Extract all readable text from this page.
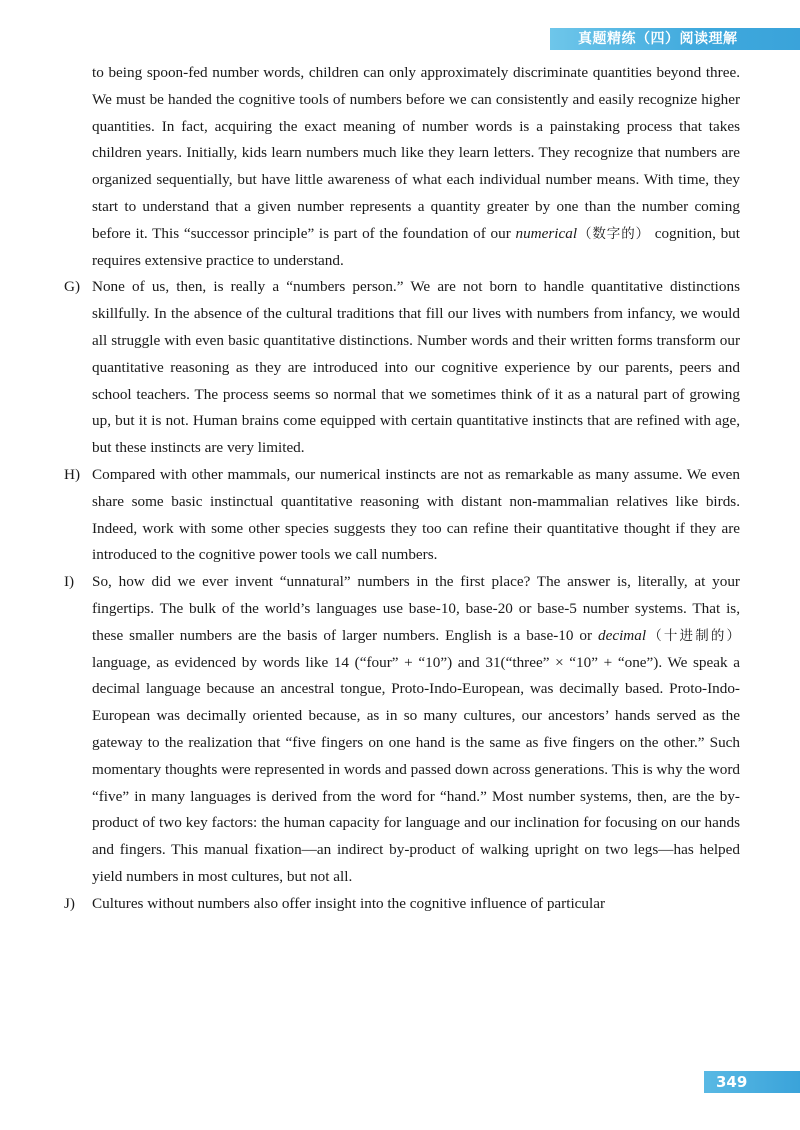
真题精练（四）阅读理解

to being spoon-fed number words, children can only approximately discriminate quantities beyond three. We must be handed the cognitive tools of numbers before we can consistently and easily recognize higher quantities. In fact, acquiring the exact meaning of number words is a painstaking process that takes children years. Initially, kids learn numbers much like they learn letters. They recognize that numbers are organized sequentially, but have little awareness of what each individual number means. With time, they start to understand that a given number represents a quantity greater by one than the number coming before it. This “successor principle” is part of the foundation of our numerical（数字的） cognition, but requires extensive practice to understand.

G) None of us, then, is really a “numbers person.” We are not born to handle quantitative distinctions skillfully. In the absence of the cultural traditions that fill our lives with numbers from infancy, we would all struggle with even basic quantitative distinctions. Number words and their written forms transform our quantitative reasoning as they are introduced into our cognitive experience by our parents, peers and school teachers. The process seems so normal that we sometimes think of it as a natural part of growing up, but it is not. Human brains come equipped with certain quantitative instincts that are refined with age, but these instincts are very limited.

H) Compared with other mammals, our numerical instincts are not as remarkable as many assume. We even share some basic instinctual quantitative reasoning with distant non-mammalian relatives like birds. Indeed, work with some other species suggests they too can refine their quantitative thought if they are introduced to the cognitive power tools we call numbers.

I) So, how did we ever invent “unnatural” numbers in the first place? The answer is, literally, at your fingertips. The bulk of the world’s languages use base-10, base-20 or base-5 number systems. That is, these smaller numbers are the basis of larger numbers. English is a base-10 or decimal（十进制的） language, as evidenced by words like 14 (“four” + “10”) and 31(“three” × “10” + “one”). We speak a decimal language because an ancestral tongue, Proto-Indo-European, was decimally based. Proto-Indo-European was decimally oriented because, as in so many cultures, our ancestors’ hands served as the gateway to the realization that “five fingers on one hand is the same as five fingers on the other.” Such momentary thoughts were represented in words and passed down across generations. This is why the word “five” in many languages is derived from the word for “hand.” Most number systems, then, are the by-product of two key factors: the human capacity for language and our inclination for focusing on our hands and fingers. This manual fixation—an indirect by-product of walking upright on two legs—has helped yield numbers in most cultures, but not all.

J) Cultures without numbers also offer insight into the cognitive influence of particular

349
